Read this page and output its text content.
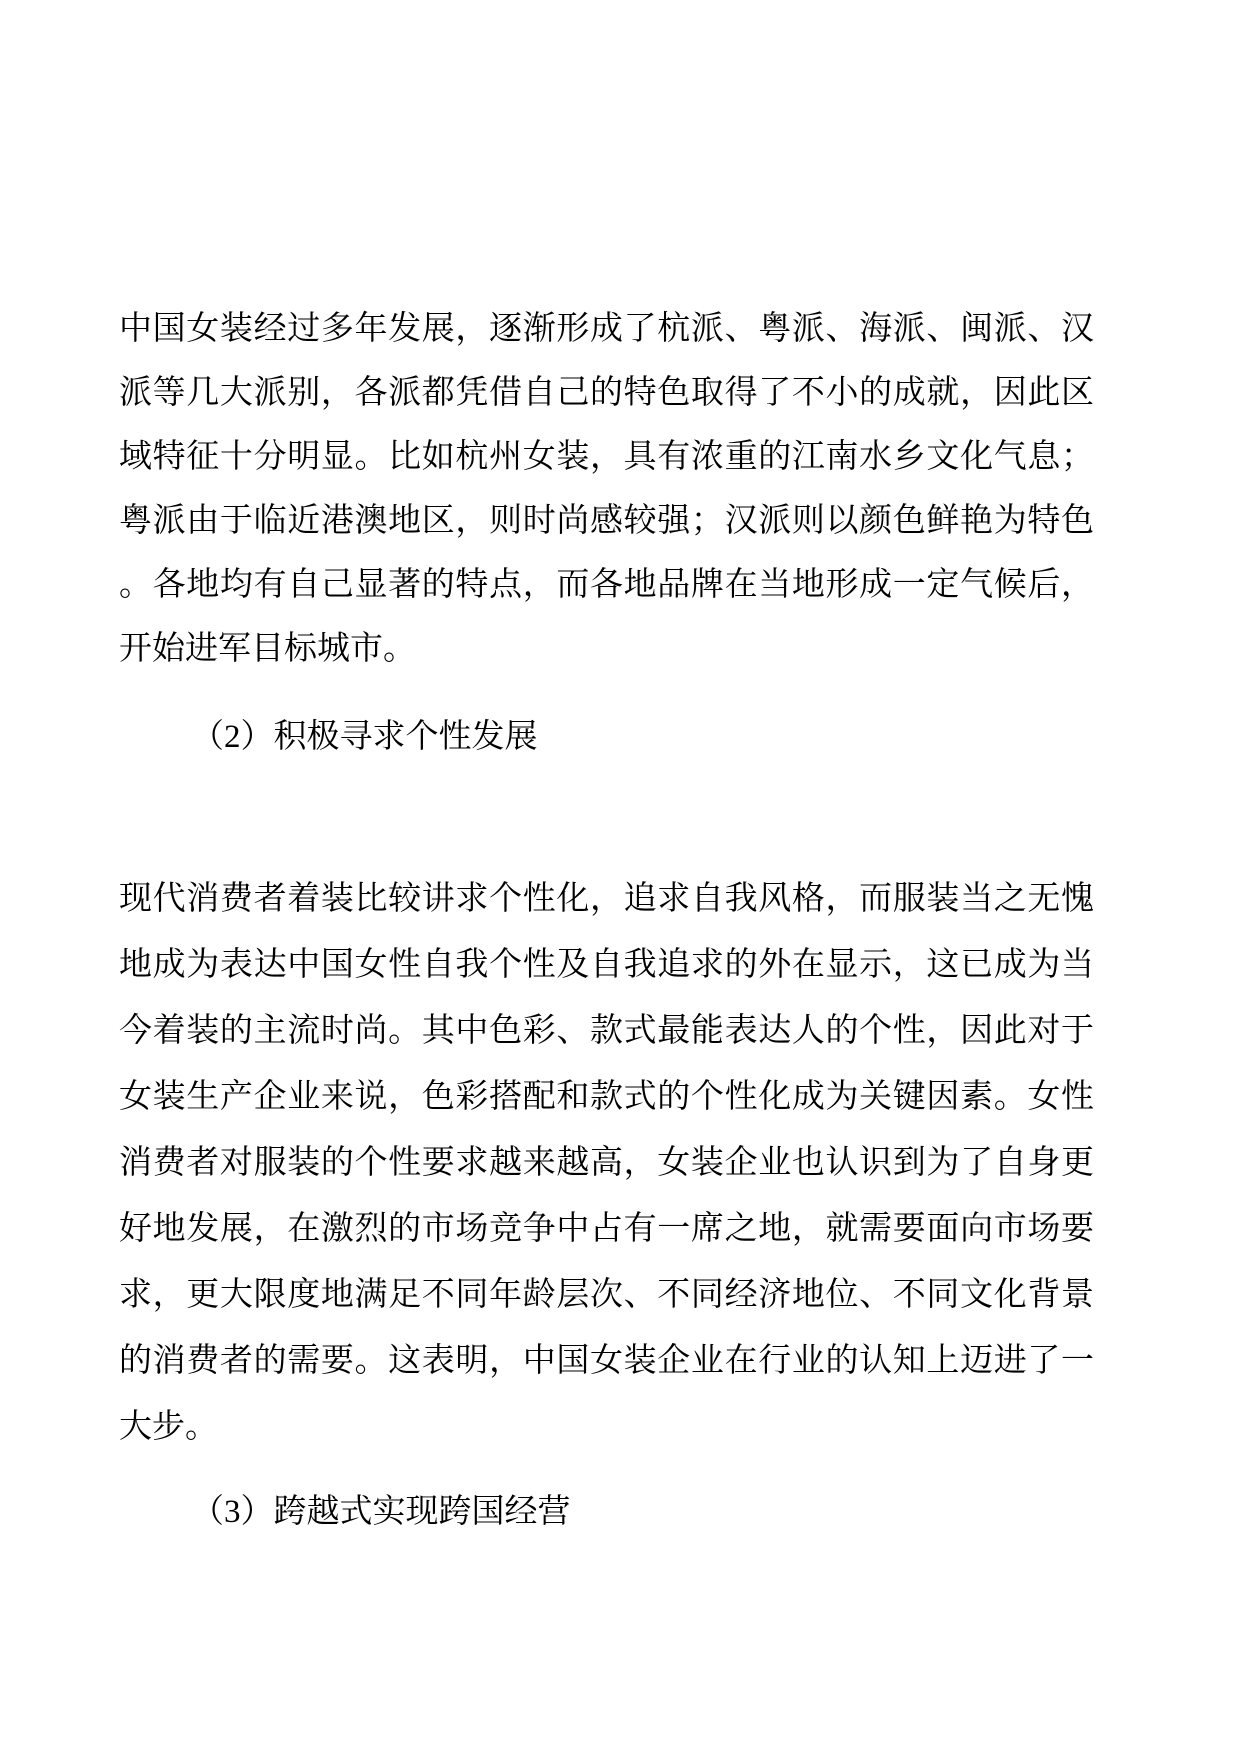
中国女装经过多年发展，逐渐形成了杭派、粤派、海派、闽派、汉
派等几大派别，各派都凭借自己的特色取得了不小的成就，因此区
域特征十分明显。比如杭州女装，具有浓重的江南水乡文化气息；
粤派由于临近港澳地区，则时尚感较强；汉派则以颜色鲜艳为特色
。各地均有自己显著的特点，而各地品牌在当地形成一定气候后，
开始进军目标城市。
（2）积极寻求个性发展
现代消费者着装比较讲求个性化，追求自我风格，而服装当之无愧
地成为表达中国女性自我个性及自我追求的外在显示，这已成为当
今着装的主流时尚。其中色彩、款式最能表达人的个性，因此对于
女装生产企业来说，色彩搭配和款式的个性化成为关键因素。女性
消费者对服装的个性要求越来越高，女装企业也认识到为了自身更
好地发展，在激烈的市场竞争中占有一席之地，就需要面向市场要
求，更大限度地满足不同年龄层次、不同经济地位、不同文化背景
的消费者的需要。这表明，中国女装企业在行业的认知上迈进了一
大步。
（3）跨越式实现跨国经营
